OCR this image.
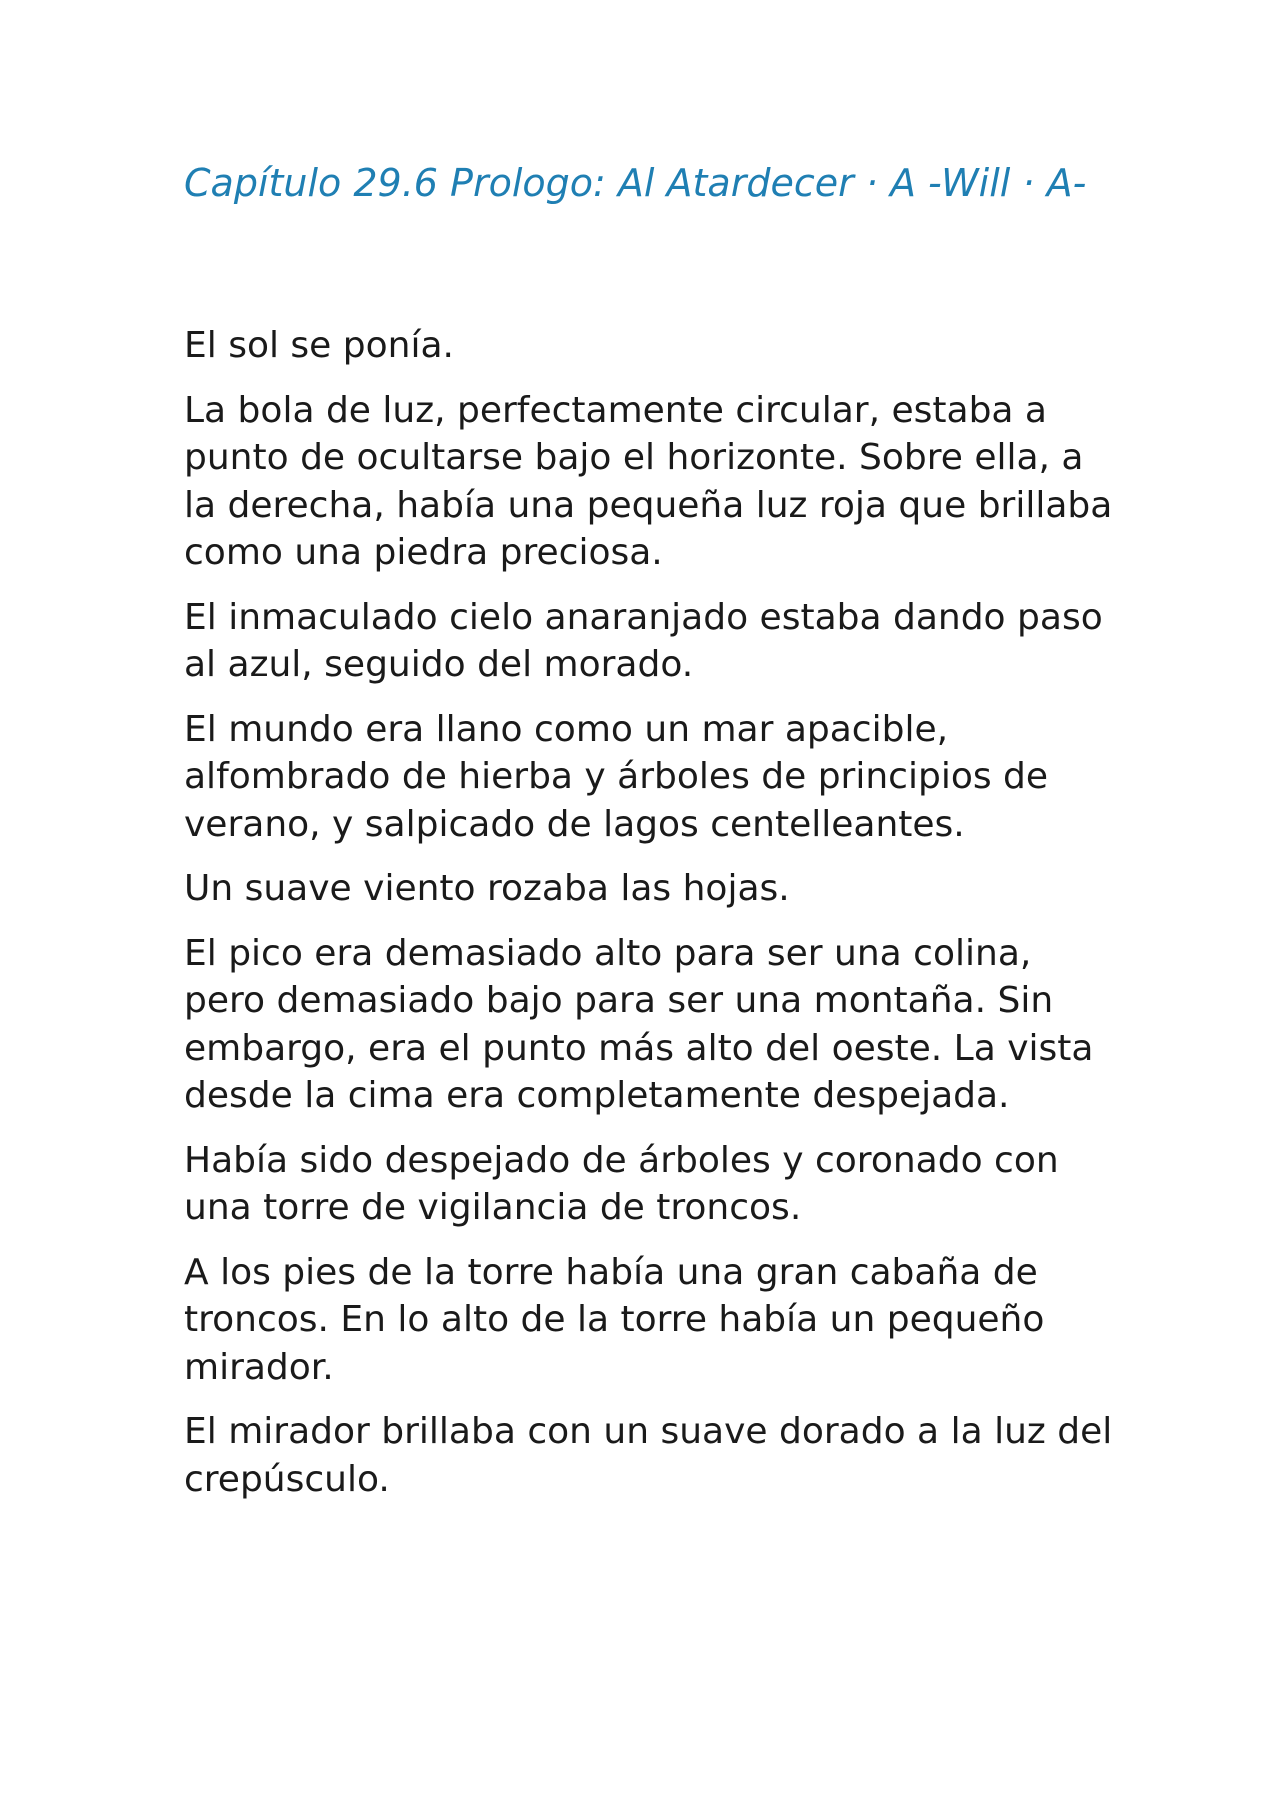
Capítulo 29.6 Prologo: Al Atardecer · A -Will · A-

El sol se ponía.

La bola de luz, perfectamente circular, estaba a punto de ocultarse bajo el horizonte. Sobre ella, a la derecha, había una pequeña luz roja que brillaba como una piedra preciosa.

El inmaculado cielo anaranjado estaba dando paso al azul, seguido del morado.

El mundo era llano como un mar apacible, alfombrado de hierba y árboles de principios de verano, y salpicado de lagos centelleantes.

Un suave viento rozaba las hojas.

El pico era demasiado alto para ser una colina, pero demasiado bajo para ser una montaña. Sin embargo, era el punto más alto del oeste. La vista desde la cima era completamente despejada.

Había sido despejado de árboles y coronado con una torre de vigilancia de troncos.

A los pies de la torre había una gran cabaña de troncos. En lo alto de la torre había un pequeño mirador.

El mirador brillaba con un suave dorado a la luz del crepúsculo.
